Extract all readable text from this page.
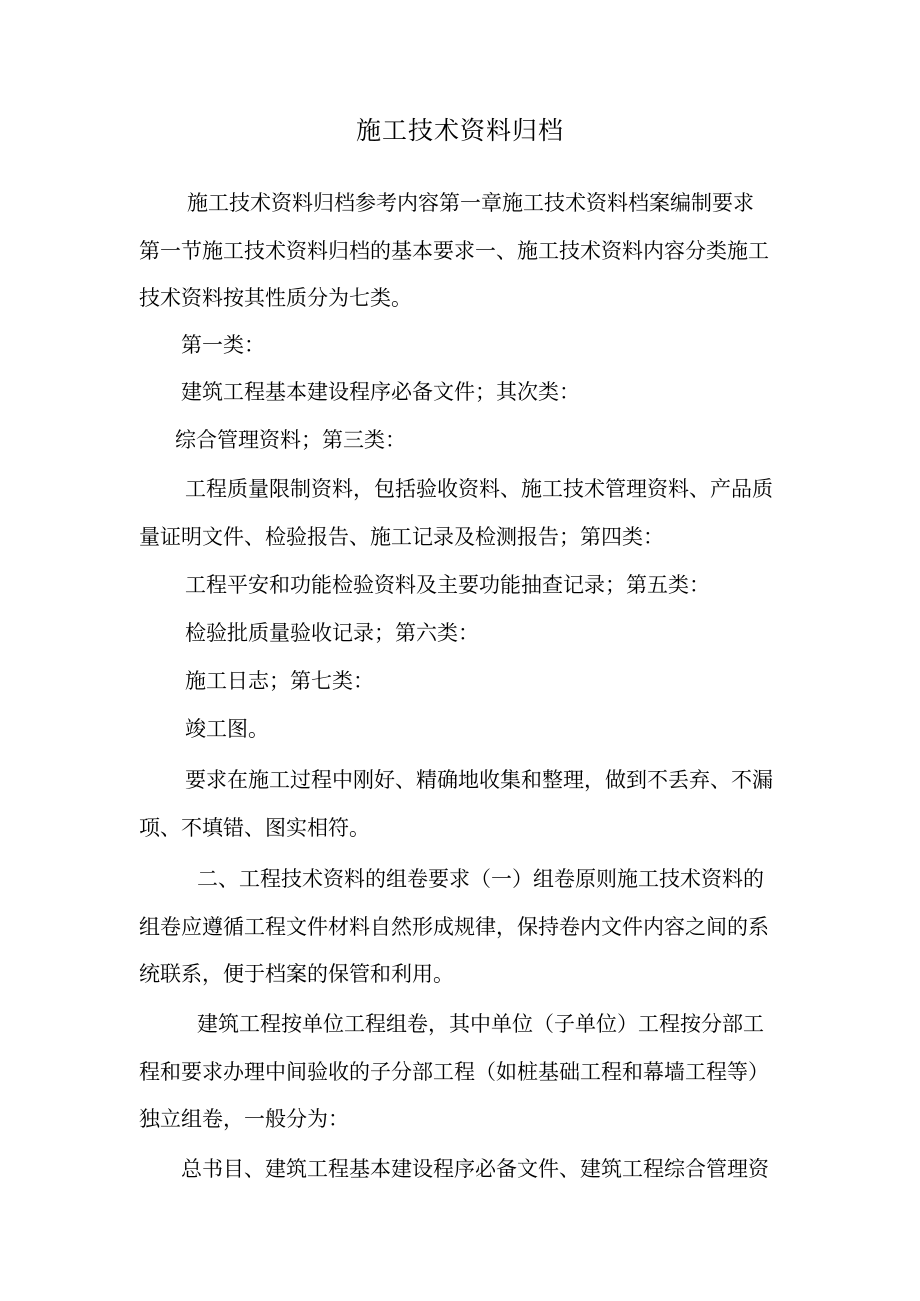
施工技术资料归档

施工技术资料归档参考内容第一章施工技术资料档案编制要求
第一节施工技术资料归档的基本要求一、施工技术资料内容分类施工
技术资料按其性质分为七类。

第一类：

建筑工程基本建设程序必备文件；其次类：

综合管理资料；第三类：

工程质量限制资料，包括验收资料、施工技术管理资料、产品质
量证明文件、检验报告、施工记录及检测报告；第四类：

工程平安和功能检验资料及主要功能抽查记录；第五类：

检验批质量验收记录；第六类：

施工日志；第七类：

竣工图。

要求在施工过程中刚好、精确地收集和整理，做到不丢弃、不漏
项、不填错、图实相符。

二、工程技术资料的组卷要求（一）组卷原则施工技术资料的
组卷应遵循工程文件材料自然形成规律，保持卷内文件内容之间的系
统联系，便于档案的保管和利用。

建筑工程按单位工程组卷，其中单位（子单位）工程按分部工
程和要求办理中间验收的子分部工程（如桩基础工程和幕墙工程等）
独立组卷，一般分为：

总书目、建筑工程基本建设程序必备文件、建筑工程综合管理资
